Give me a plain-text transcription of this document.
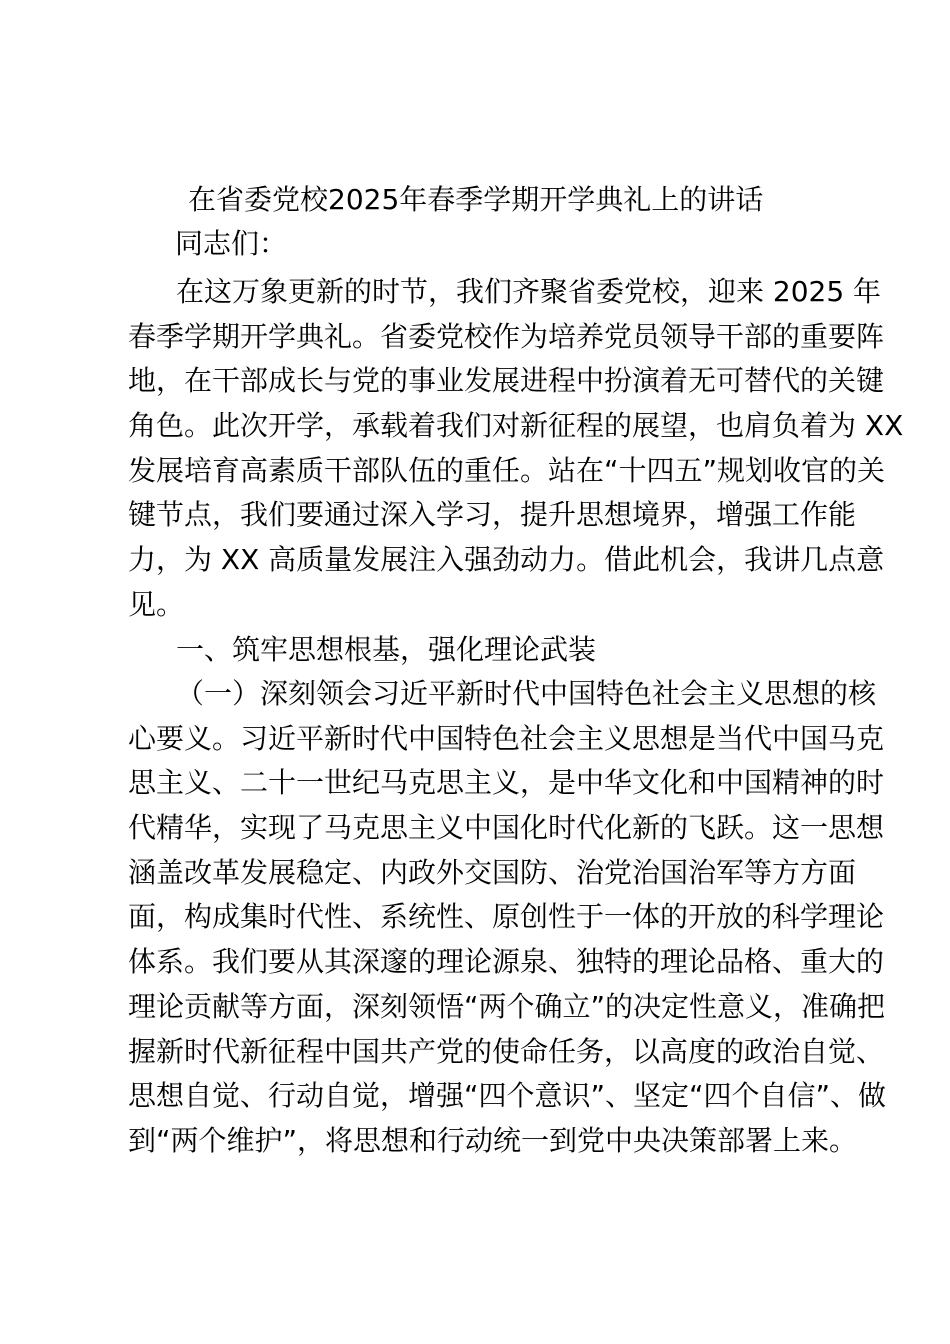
在省委党校2025年春季学期开学典礼上的讲话
同志们：
在这万象更新的时节，我们齐聚省委党校，迎来 2025 年
春季学期开学典礼。省委党校作为培养党员领导干部的重要阵
地，在干部成长与党的事业发展进程中扮演着无可替代的关键
角色。此次开学，承载着我们对新征程的展望，也肩负着为 XX
发展培育高素质干部队伍的重任。站在“十四五”规划收官的关
键节点，我们要通过深入学习，提升思想境界，增强工作能
力，为 XX 高质量发展注入强劲动力。借此机会，我讲几点意
见。
一、筑牢思想根基，强化理论武装
（一）深刻领会习近平新时代中国特色社会主义思想的核
心要义。习近平新时代中国特色社会主义思想是当代中国马克
思主义、二十一世纪马克思主义，是中华文化和中国精神的时
代精华，实现了马克思主义中国化时代化新的飞跃。这一思想
涵盖改革发展稳定、内政外交国防、治党治国治军等方方面
面，构成集时代性、系统性、原创性于一体的开放的科学理论
体系。我们要从其深邃的理论源泉、独特的理论品格、重大的
理论贡献等方面，深刻领悟“两个确立”的决定性意义，准确把
握新时代新征程中国共产党的使命任务，以高度的政治自觉、
思想自觉、行动自觉，增强“四个意识”、坚定“四个自信”、做
到“两个维护”，将思想和行动统一到党中央决策部署上来。
